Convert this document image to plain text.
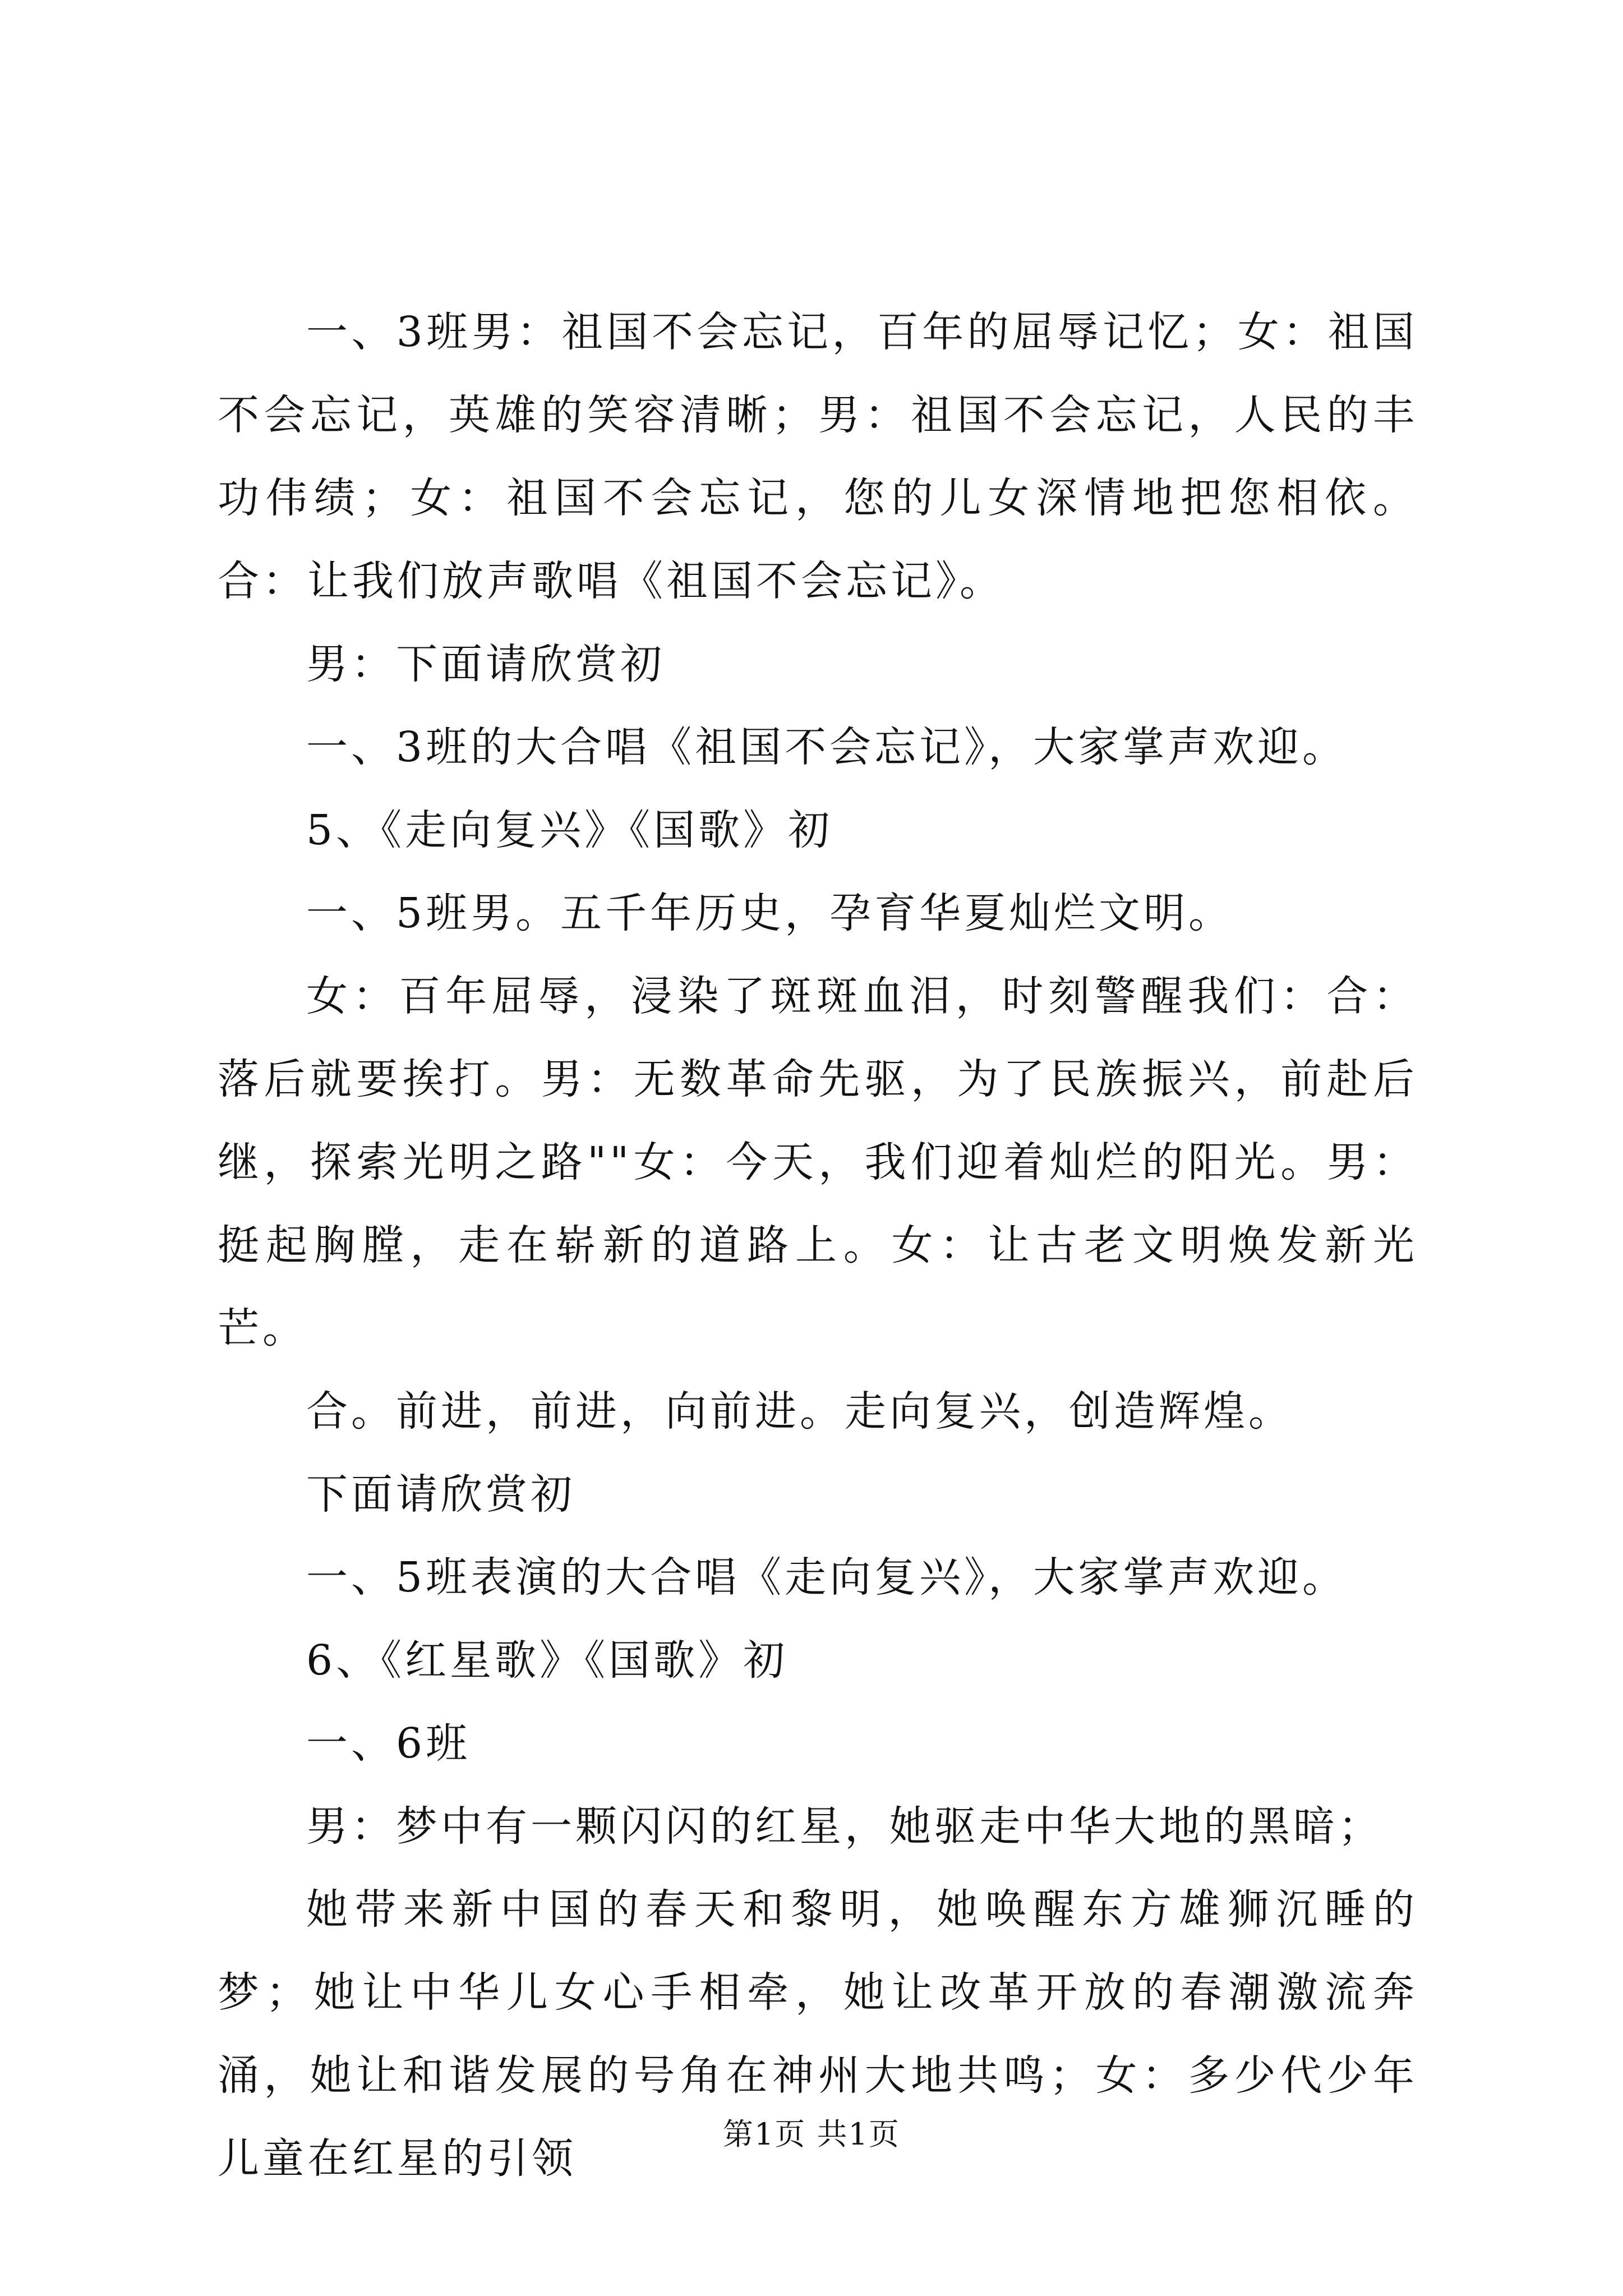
一、3班男：祖国不会忘记，百年的屈辱记忆；女：祖国不会忘记，英雄的笑容清晰；男：祖国不会忘记，人民的丰功伟绩；女：祖国不会忘记，您的儿女深情地把您相依。合：让我们放声歌唱《祖国不会忘记》。

男：下面请欣赏初

一、3班的大合唱《祖国不会忘记》，大家掌声欢迎。

5、《走向复兴》《国歌》初

一、5班男。五千年历史，孕育华夏灿烂文明。

女：百年屈辱，浸染了斑斑血泪，时刻警醒我们：合：落后就要挨打。男：无数革命先驱，为了民族振兴，前赴后继，探索光明之路""女：今天，我们迎着灿烂的阳光。男：挺起胸膛，走在崭新的道路上。女：让古老文明焕发新光芒。

合。前进，前进，向前进。走向复兴，创造辉煌。

下面请欣赏初

一、5班表演的大合唱《走向复兴》，大家掌声欢迎。

6、《红星歌》《国歌》初

一、6班

男：梦中有一颗闪闪的红星，她驱走中华大地的黑暗；

她带来新中国的春天和黎明，她唤醒东方雄狮沉睡的梦；她让中华儿女心手相牵，她让改革开放的春潮激流奔涌，她让和谐发展的号角在神州大地共鸣；女：多少代少年儿童在红星的引领

第1页 共1页
